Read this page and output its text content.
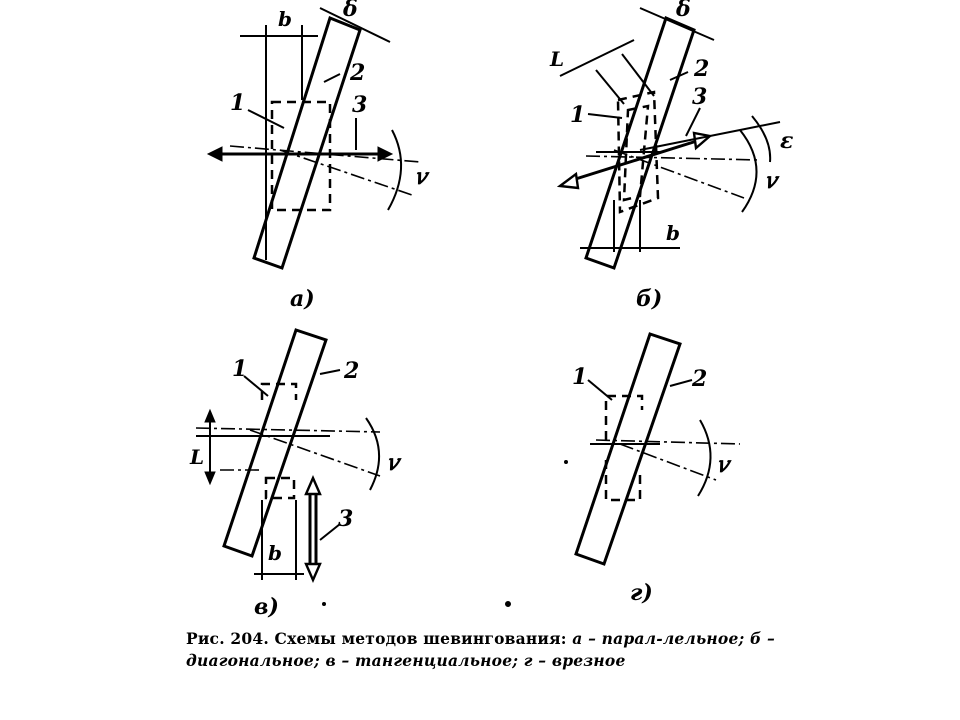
b δ
1
2
3
𝑣
а)
δ
L
1
2
3
ε
𝑣
b
б)
1	2
3
L	𝑣
b
в)
1	2
𝑣
г)
Рис. 204. Схемы методов шевингования: а – парал-лельное; б – диагональное; в – тангенциальное; г – врезное
